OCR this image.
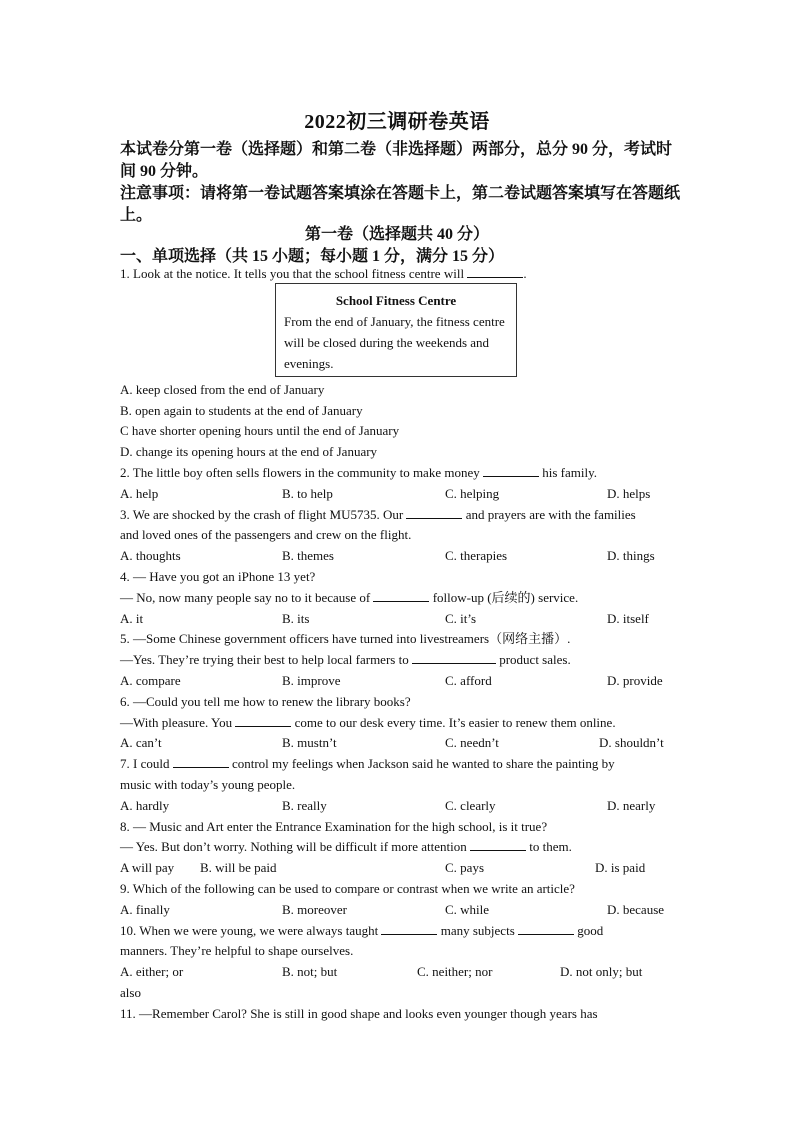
2022初三调研卷英语
本试卷分第一卷（选择题）和第二卷（非选择题）两部分，总分 90 分，考试时间 90 分钟。
注意事项：请将第一卷试题答案填涂在答题卡上，第二卷试题答案填写在答题纸上。
第一卷（选择题共 40 分）
一、单项选择（共 15 小题；每小题 1 分，满分 15 分）
1. Look at the notice. It tells you that the school fitness centre will	.
School Fitness Centre
From the end of January, the fitness centre will be closed during the weekends and evenings.
A. keep closed from the end of January
B. open again to students at the end of January
C have shorter opening hours until the end of January
D. change its opening hours at the end of January
2. The little boy often sells flowers in the community to make money	his family.
A. help	B. to help	C. helping	D. helps
3. We are shocked by the crash of flight MU5735. Our	and prayers are with the families
and loved ones of the passengers and crew on the flight.
A. thoughts	B. themes	C. therapies	D. things
4. — Have you got an iPhone 13 yet?
— No, now many people say no to it because of	follow-up (后续的) service.
A. it	B. its	C. it’s	D. itself
5. —Some Chinese government officers have turned into livestreamers（网络主播）.
—Yes. They’re trying their best to help local farmers to	product sales.
A. compare	B. improve	C. afford	D. provide
6. —Could you tell me how to renew the library books?
—With pleasure. You	come to our desk every time. It’s easier to renew them online.
A. can’t	B. mustn’t	C. needn’t	D. shouldn’t
7. I could	control my feelings when Jackson said he wanted to share the painting by
music with today’s young people.
A. hardly	B. really	C. clearly	D. nearly
8. — Music and Art enter the Entrance Examination for the high school, is it true?
— Yes. But don’t worry. Nothing will be difficult if more attention	to them.
A will pay B. will be paid	C. pays	D. is paid
9. Which of the following can be used to compare or contrast when we write an article?
A. finally	B. moreover	C. while	D. because
10. When we were young, we were always taught	many subjects	good
manners. They’re helpful to shape ourselves.
A. either; or	B. not; but	C. neither; nor	D. not only; but
also
11. —Remember Carol? She is still in good shape and looks even younger though years has
